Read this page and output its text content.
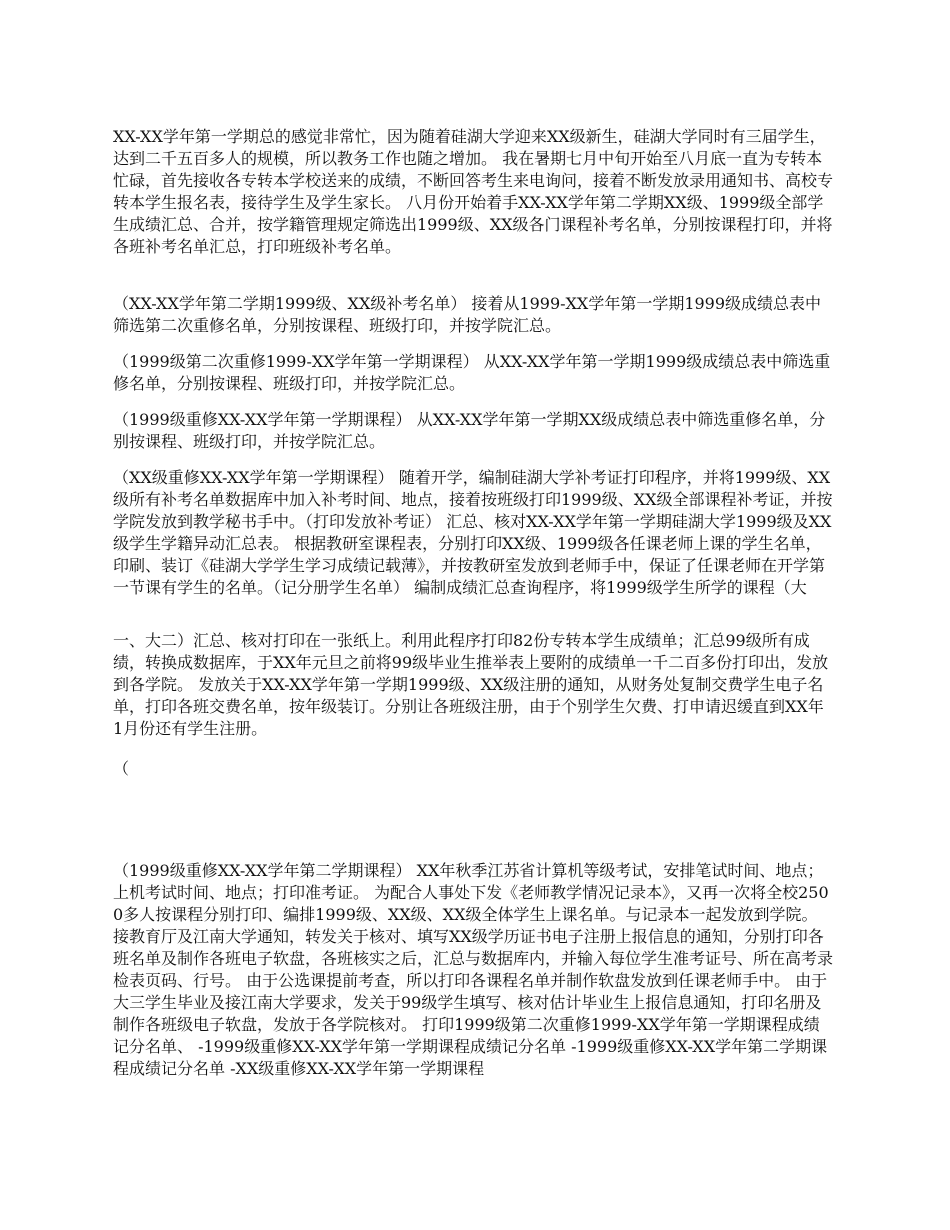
XX-XX学年第一学期总的感觉非常忙，因为随着硅湖大学迎来XX级新生，硅湖大学同时有三届学生，达到二千五百多人的规模，所以教务工作也随之增加。 我在暑期七月中旬开始至八月底一直为专转本忙碌，首先接收各专转本学校送来的成绩，不断回答考生来电询问，接着不断发放录用通知书、高校专转本学生报名表，接待学生及学生家长。 八月份开始着手XX-XX学年第二学期XX级、1999级全部学生成绩汇总、合并，按学籍管理规定筛选出1999级、XX级各门课程补考名单，分别按课程打印，并将各班补考名单汇总，打印班级补考名单。

（XX-XX学年第二学期1999级、XX级补考名单） 接着从1999-XX学年第一学期1999级成绩总表中筛选第二次重修名单，分别按课程、班级打印，并按学院汇总。

（1999级第二次重修1999-XX学年第一学期课程） 从XX-XX学年第一学期1999级成绩总表中筛选重修名单，分别按课程、班级打印，并按学院汇总。

（1999级重修XX-XX学年第一学期课程） 从XX-XX学年第一学期XX级成绩总表中筛选重修名单，分别按课程、班级打印，并按学院汇总。

（XX级重修XX-XX学年第一学期课程） 随着开学，编制硅湖大学补考证打印程序，并将1999级、XX级所有补考名单数据库中加入补考时间、地点，接着按班级打印1999级、XX级全部课程补考证，并按学院发放到教学秘书手中。（打印发放补考证） 汇总、核对XX-XX学年第一学期硅湖大学1999级及XX级学生学籍异动汇总表。 根据教研室课程表，分别打印XX级、1999级各任课老师上课的学生名单，印刷、装订《硅湖大学学生学习成绩记载薄》，并按教研室发放到老师手中，保证了任课老师在开学第一节课有学生的名单。（记分册学生名单） 编制成绩汇总查询程序，将1999级学生所学的课程（大

一、大二）汇总、核对打印在一张纸上。利用此程序打印82份专转本学生成绩单；汇总99级所有成绩，转换成数据库，于XX年元旦之前将99级毕业生推举表上要附的成绩单一千二百多份打印出，发放到各学院。 发放关于XX-XX学年第一学期1999级、XX级注册的通知，从财务处复制交费学生电子名单，打印各班交费名单，按年级装订。分别让各班级注册，由于个别学生欠费、打申请迟缓直到XX年1月份还有学生注册。

（

（1999级重修XX-XX学年第二学期课程） XX年秋季江苏省计算机等级考试，安排笔试时间、地点；上机考试时间、地点；打印准考证。 为配合人事处下发《老师教学情况记录本》，又再一次将全校2500多人按课程分别打印、编排1999级、XX级、XX级全体学生上课名单。与记录本一起发放到学院。 接教育厅及江南大学通知，转发关于核对、填写XX级学历证书电子注册上报信息的通知，分别打印各班名单及制作各班电子软盘，各班核实之后，汇总与数据库内，并输入每位学生准考证号、所在高考录检表页码、行号。 由于公选课提前考查，所以打印各课程名单并制作软盘发放到任课老师手中。 由于大三学生毕业及接江南大学要求，发关于99级学生填写、核对估计毕业生上报信息通知，打印名册及制作各班级电子软盘，发放于各学院核对。 打印1999级第二次重修1999-XX学年第一学期课程成绩记分名单、 -1999级重修XX-XX学年第一学期课程成绩记分名单 -1999级重修XX-XX学年第二学期课程成绩记分名单 -XX级重修XX-XX学年第一学期课程
